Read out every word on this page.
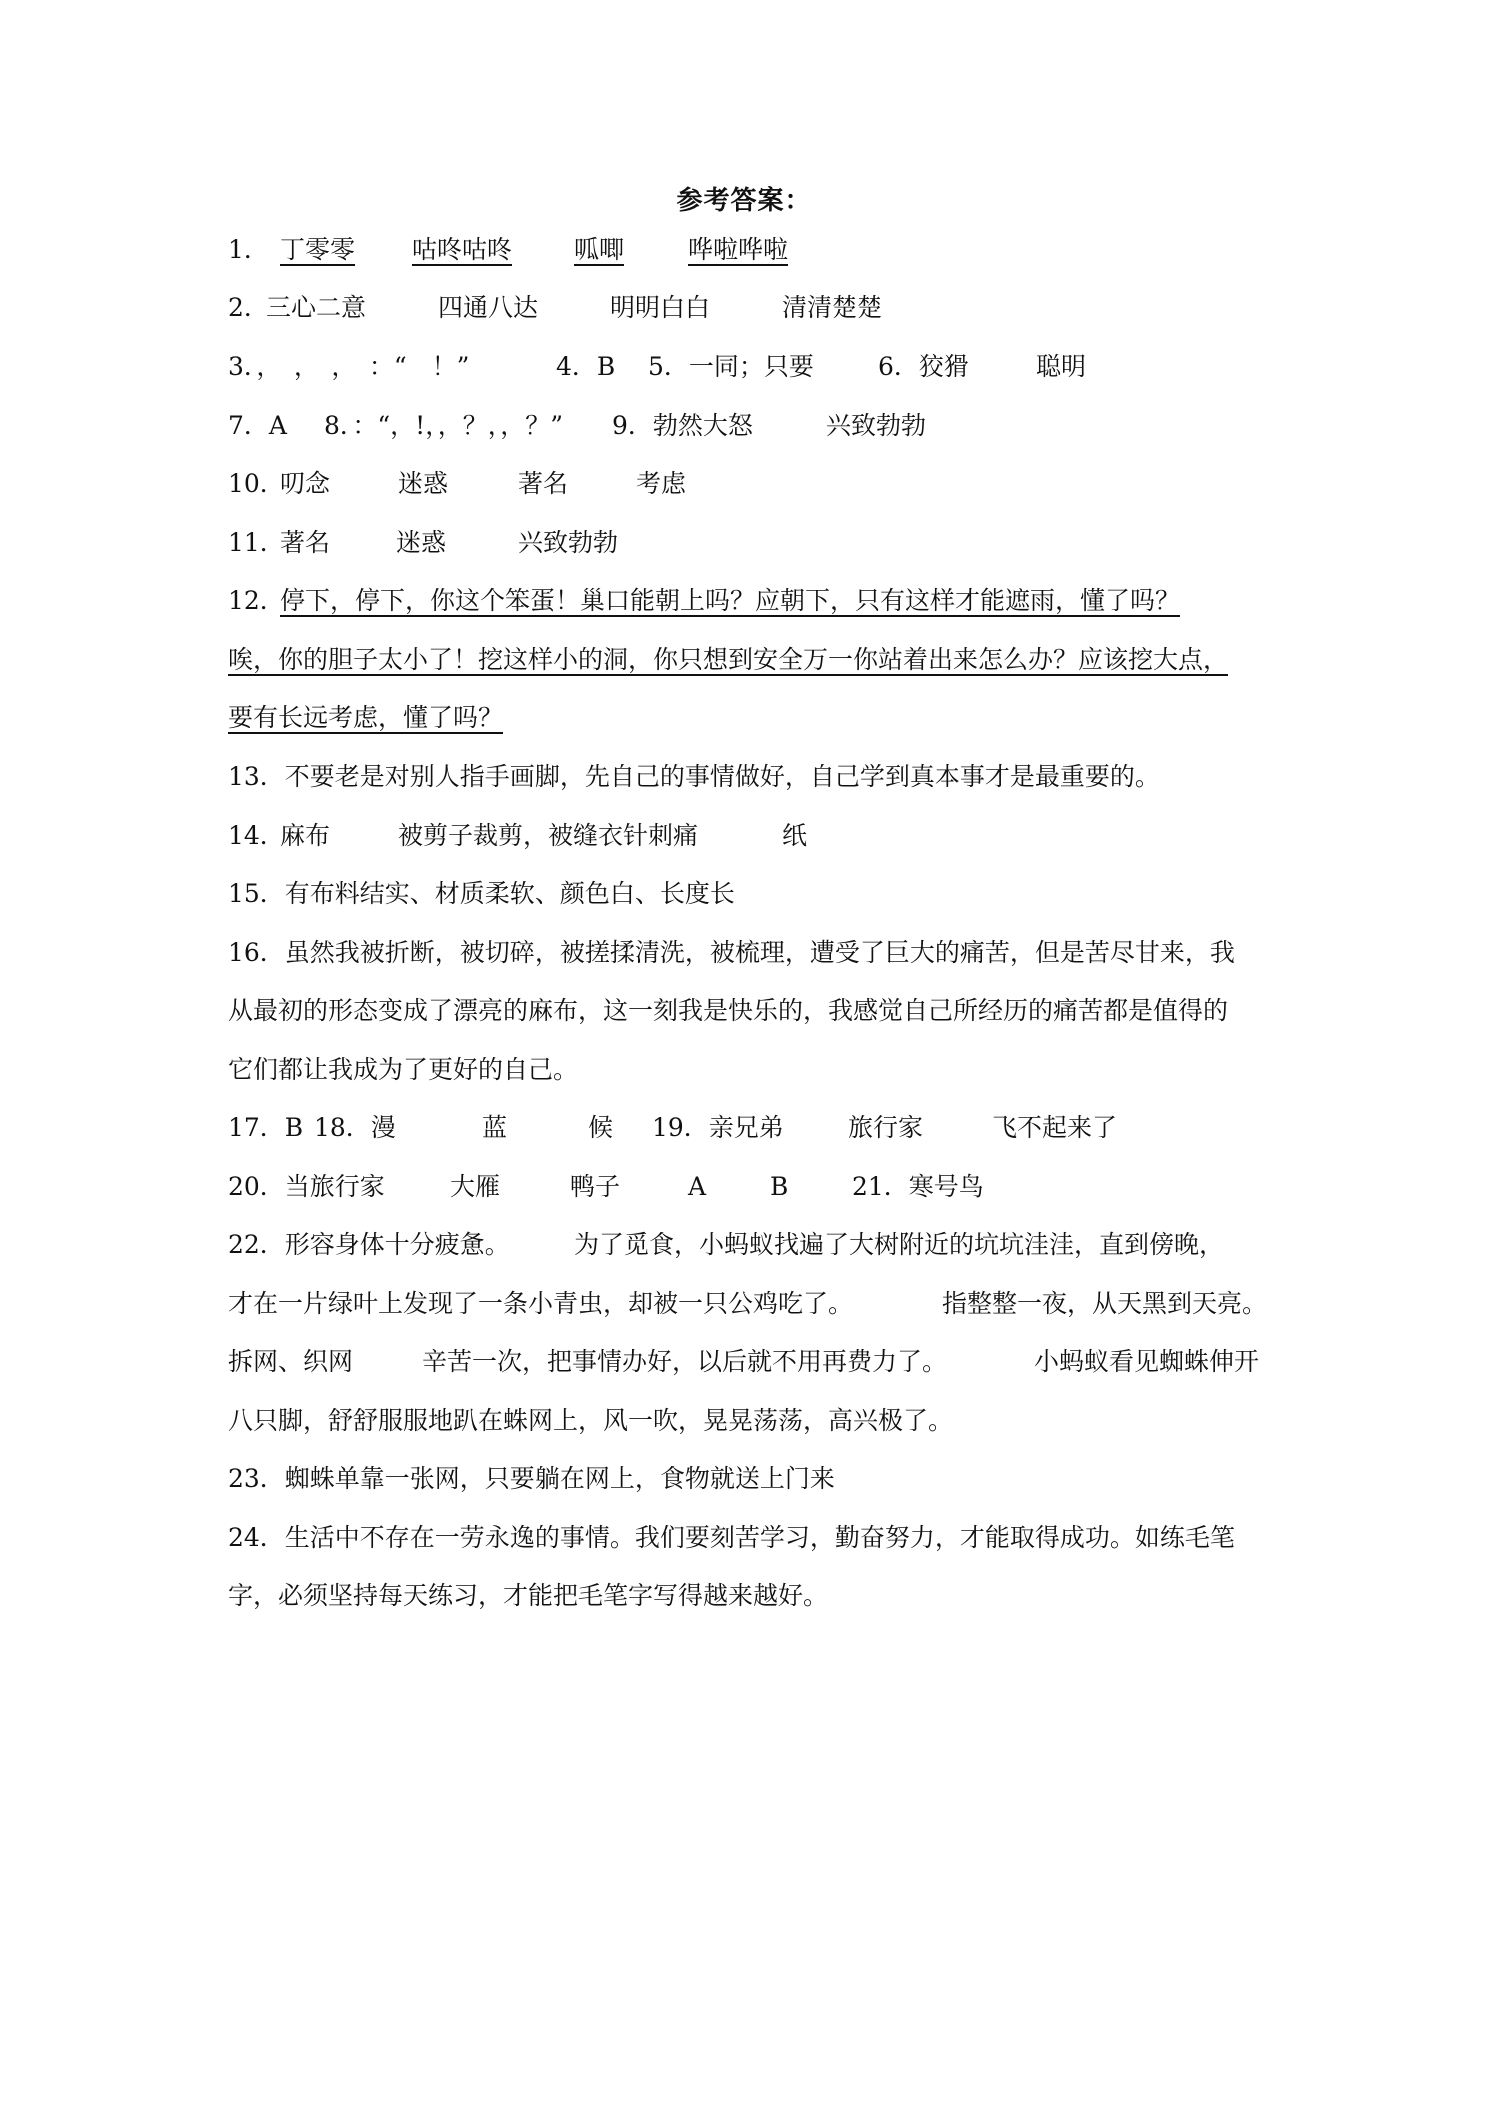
参考答案：
1． 丁零零 咕咚咕咚 呱唧	哗啦哗啦
2．
三心二意	四通八达	明明白白	清清楚楚
3．，　，　，　：“　！”	4．B 5．一同；只要	6．狡猾	聪明
7．A 8．：“，!，，？，，？” 9．勃然大怒	兴致勃勃
10．
叨念	迷惑	著名	考虑
11．
著名	迷惑	兴致勃勃
12．
停下，停下，你这个笨蛋！巢口能朝上吗？应朝下，只有这样才能遮雨，懂了吗？
唉，你的胆子太小了！挖这样小的洞，你只想到安全万一你站着出来怎么办？应该挖大点，
要有长远考虑，懂了吗？
13．不要老是对别人指手画脚，先自己的事情做好，自己学到真本事才是最重要的。
14．
麻布	被剪子裁剪，被缝衣针刺痛	纸
15．有布料结实、材质柔软、颜色白、长度长
16．虽然我被折断，被切碎，被搓揉清洗，被梳理，遭受了巨大的痛苦，但是苦尽甘来，我
从最初的形态变成了漂亮的麻布，这一刻我是快乐的，我感觉自己所经历的痛苦都是值得的
它们都让我成为了更好的自己。
17．B 18．漫	蓝	候 19．亲兄弟	旅行家	飞不起来了
20．当旅行家	大雁	鸭子	A	B	21．寒号鸟
22．形容身体十分疲惫。	为了觅食，小蚂蚁找遍了大树附近的坑坑洼洼，直到傍晚，
才在一片绿叶上发现了一条小青虫，却被一只公鸡吃了。	指整整一夜，从天黑到天亮。
拆网、织网	辛苦一次，把事情办好，以后就不用再费力了。	小蚂蚁看见蜘蛛伸开
八只脚，舒舒服服地趴在蛛网上，风一吹，晃晃荡荡，高兴极了。
23．蜘蛛单靠一张网，只要躺在网上，食物就送上门来
24．生活中不存在一劳永逸的事情。我们要刻苦学习，勤奋努力，才能取得成功。如练毛笔
字，必须坚持每天练习，才能把毛笔字写得越来越好。
